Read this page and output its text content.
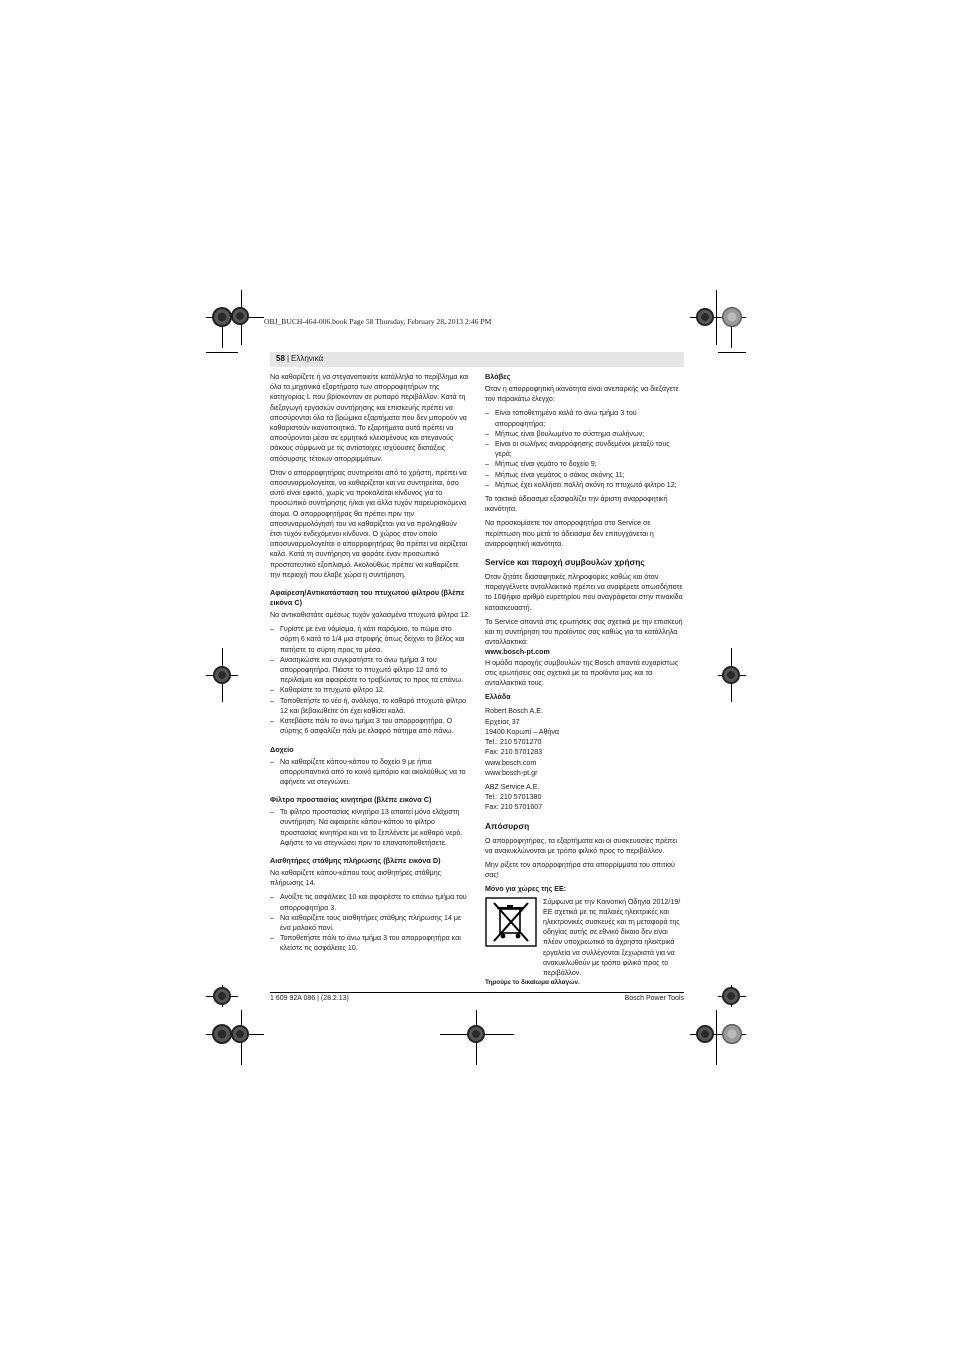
OBJ_BUCH-464-006.book Page 58 Thursday, February 28, 2013 2:46 PM
58 | Ελληνικά

Να καθαρίζετε ή να στεγανοποιείτε κατάλληλα το περίβλημα και όλα τα μηχανικά εξαρτήματα των απορροφητήρων της κατηγορίας L που βρίσκονταν σε ρυπαρό περιβάλλον. Κατά τη διεξαγωγή εργασιών συντήρησης και επισκευής πρέπει να αποσύρονται όλα τα βρώμικα εξαρτήματα που δεν μπορούν να καθαριστούν ικανοποιητικά. Το εξαρτήματα αυτά πρέπει να αποσύρονται μέσα σε ερμητικά κλεισμένους και στεγανούς σάκους σύμφωνα με τις αντίστοιχες ισχύουσες διατάξεις απόσυρσης τέτοιων απορριμμάτων.

Όταν ο απορροφητήρας συντηρείται από το χρήστη, πρέπει να αποσυναρμολογείται, να καθαρίζεται και να συντηρείται, όσο αυτό είναι εφικτό, χωρίς να προκαλείται κίνδυνος για το προσωπικό συντήρησης ή/και για άλλα τυχόν παρευρισκόμενα άτομα. Ο απορροφητήρας θα πρέπει πριν την αποσυναρμολόγησή του να καθαρίζεται για να προληφθούν έτσι τυχόν ενδεχόμενοι κίνδυνοι. Ο χώρος στον οποίο αποσυναρμολογείται ο απορροφητήρας θα πρέπει να αερίζεται καλά. Κατά τη συντήρηση να φοράτε έναν προσωπικό προστατευτικό εξοπλισμό. Ακολούθως πρέπει να καθαρίζετε την περιοχή που έλαβε χώρα η συντήρηση.

Αφαίρεση/Αντικατάσταση του πτυχωτού φίλτρου (βλέπε εικόνα C)

Να αντικαθιστάτε αμέσως τυχόν χαλασμένα πτυχωτά φίλτρα 12.

– Γυρίστε με ένα νόμισμα, ή κάτι παρόμοιο, το πώμα στο σύρτη 6 κατά το 1/4 μια στροφής όπως δείχνει το βέλος και πατήστε το σύρτη προς τα μέσα.
– Ανασηκώστε και συγκρατήστε το άνω τμήμα 3 του απορροφητήρα. Πιάστε το πτυχωτό φίλτρο 12 από το περιλαίμιο και αφαιρέστε το τραβώντας το προς τα επάνω.
– Καθαρίστε το πτυχωτό φίλτρο 12.
– Τοποθετήστε το νέο ή, ανάλογα, το καθαρό πτυχωτό φίλτρο 12 και βεβαιωθείτε ότι έχει καθίσει καλά.
– Κατεβάστε πάλι το άνω τμήμα 3 του απορροφητήρα. Ο σύρτης 6 ασφαλίζει πάλι με ελαφρό πάτημα από πάνω.
Δοχείο
– Να καθαρίζετε κάπου-κάπου το δοχείο 9 με ήπια απορρυπαντικά από το κοινό εμπόριο και ακολούθως να το αφήνετε να στεγνώνει.
Φίλτρο προστασίας κινητήρα (βλέπε εικόνα C)
– Το φίλτρο προστασίας κινητήρα 13 απαιτεί μόνο ελάχιστη συντήρηση. Να αφαιρείτε κάπου-κάπου το φίλτρο προστασίας κινητήρα και να το ξεπλένετε με καθαρό νερό. Αφήστε το να στεγνώσει πριν το επανατοποθετήσετε.
Αισθητήρες στάθμης πλήρωσης (βλέπε εικόνα D)

Να καθαρίζετε κάπου-κάπου τους αισθητήρες στάθμης πλήρωσης 14.

– Ανοίξτε τις ασφάλειες 10 και αφαιρέστε το επάνω τμήμα του απορροφητήρα 3.
– Να καθαρίζετε τους αισθητήρες στάθμης πλήρωσης 14 με ένα μαλακό πανί.
– Τοποθετήστε πάλι το άνω τμήμα 3 του απορροφητήρα και κλείστε τις ασφάλειες 10.
Βλάβες

Όταν η απορροφητική ικανότητα είναι ανεπαρκής να διεξάγετε τον παρακάτω έλεγχο:

– Είναι τοποθετημένο καλά το άνω τμήμα 3 του απορροφητήρα;
– Μήπως είναι βουλωμένο το σύστημα σωλήνων;
– Είναι οι σωλήνες αναρρόφησης συνδεμένοι μεταξύ τους γερά;
– Μήπως είναι γεμάτο το δοχείο 9;
– Μήπως είναι γεμάτος ο σάκος σκόνης 11;
– Μήπως έχει κολλήσει πολλή σκόνη το πτυχωτό φίλτρο 12;

Το τακτικό άδειασμα εξασφαλίζει την άριστη αναρροφητική ικανότητα.

Να προσκομίσετε τον απορροφητήρα στο Service σε περίπτωση που μετά το άδειασμα δεν επιτυγχάνεται η αναρροφητική ικανότητα.

Service και παροχή συμβουλών χρήσης

Όταν ζητάτε διασαφητικές πληροφορίες καθώς και όταν παραγγέλνετε ανταλλακτικά πρέπει να αναφέρετε οπωσδήποτε το 10ψήφιο αριθμό ευρετηρίου που αναγράφεται στην πινακίδα κατασκευαστή.

Το Service απαντά στις ερωτήσεις σας σχετικά με την επισκευή και τη συντήρηση του προϊόντος σας καθώς για τα κατάλληλα ανταλλακτικά:

www.bosch-pt.com

Η ομάδα παροχής συμβουλών της Bosch απαντά ευχαρίστως στις ερωτήσεις σας σχετικά με τα προϊόντα μας και τα ανταλλακτικά τους.

Ελλάδα

Robert Bosch A.E.

Ερχείας 37

19400 Κορωπί – Αθήνα

Tel.: 210 5701270

Fax: 210 5701283

www.bosch.com

www.bosch-pt.gr

ABZ Service A.E.

Tel.: 210 5701380

Fax: 210 5701607

Απόσυρση

Ο απορροφητήρας, τα εξαρτήματα και οι συσκευασίες πρέπει να ανακυκλώνονται με τρόπο φιλικό προς το περιβάλλον.

Μην ρίξετε τον απορροφητήρα στα απορρίμματα του σπιτιού σας!

Μόνο για χώρες της ΕΕ:

Σύμφωνα με την Κοινοτική Οδηγία 2012/19/ΕΕ σχετικά με τις παλαιές ηλεκτρικές και ηλεκτρονικές συσκευές και τη μεταφορά της οδηγίας αυτής σε εθνικό δίκαιο δεν είναι πλέον υποχρεωτικό τα άχρηστα ηλεκτρικά εργαλεία να συλλέγονται ξεχωριστά για να ανακυκλωθούν με τρόπο φιλικό προς το περιβάλλον.

Τηρούμε το δικαίωμα αλλαγών.

1 609 92A 086 | (28.2.13)	Bosch Power Tools
